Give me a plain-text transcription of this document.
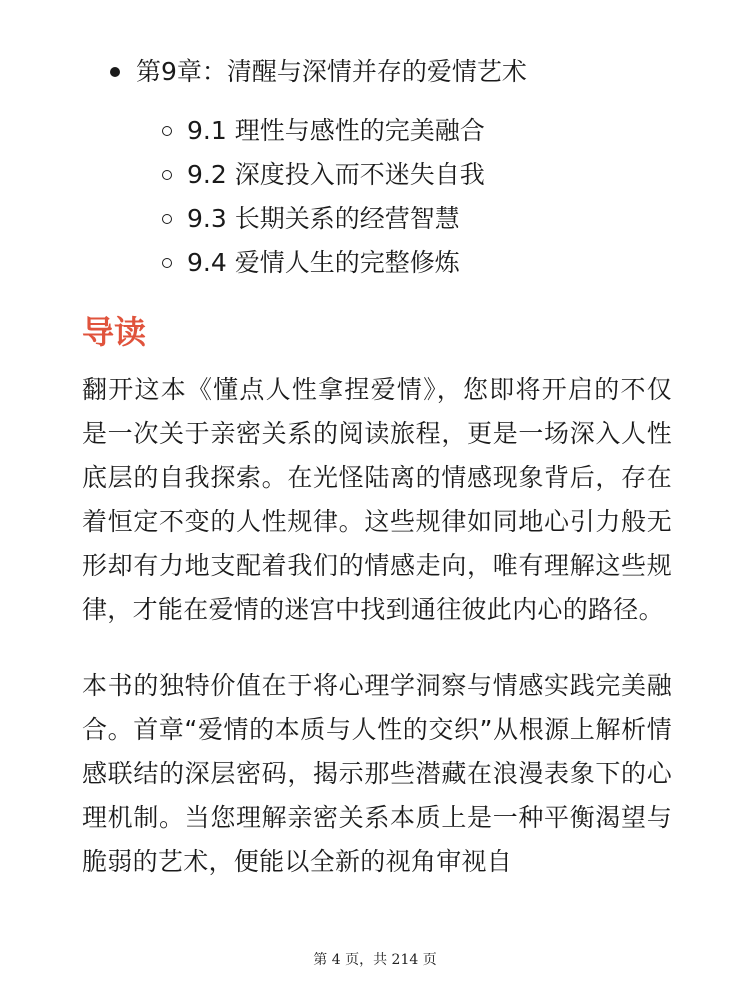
第9章：清醒与深情并存的爱情艺术
9.1 理性与感性的完美融合
9.2 深度投入而不迷失自我
9.3 长期关系的经营智慧
9.4 爱情人生的完整修炼
导读

翻开这本《懂点人性拿捏爱情》，您即将开启的不仅是一次关于亲密关系的阅读旅程，更是一场深入人性底层的自我探索。在光怪陆离的情感现象背后，存在着恒定不变的人性规律。这些规律如同地心引力般无形却有力地支配着我们的情感走向，唯有理解这些规律，才能在爱情的迷宫中找到通往彼此内心的路径。

本书的独特价值在于将心理学洞察与情感实践完美融合。首章“爱情的本质与人性的交织”从根源上解析情感联结的深层密码，揭示那些潜藏在浪漫表象下的心理机制。当您理解亲密关系本质上是一种平衡渴望与脆弱的艺术，便能以全新的视角审视自

第 4 页，共 214 页
